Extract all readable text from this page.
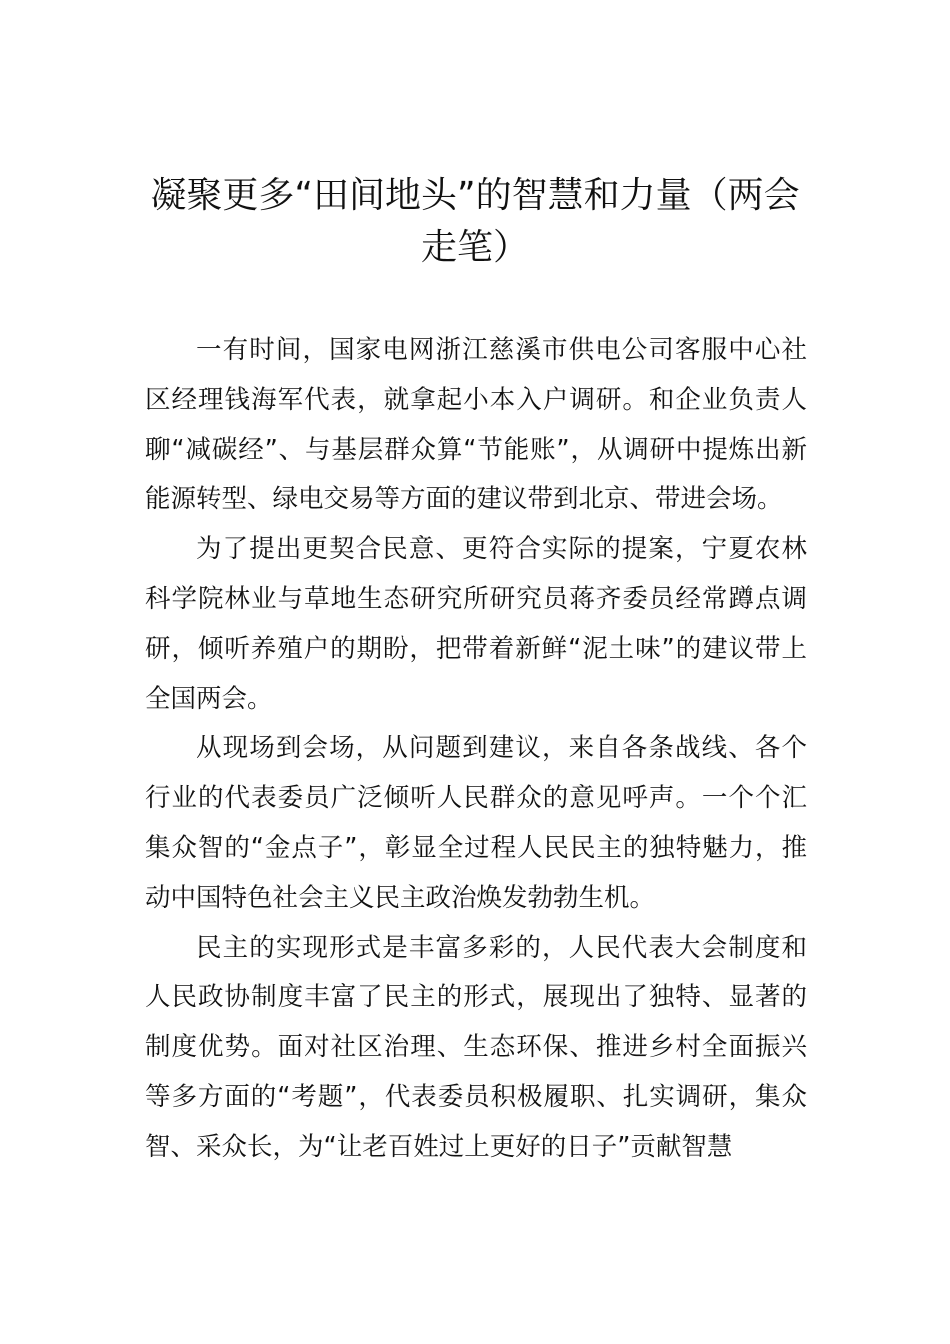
凝聚更多“田间地头”的智慧和力量（两会走笔）

一有时间，国家电网浙江慈溪市供电公司客服中心社区经理钱海军代表，就拿起小本入户调研。和企业负责人聊“减碳经”、与基层群众算“节能账”，从调研中提炼出新能源转型、绿电交易等方面的建议带到北京、带进会场。

为了提出更契合民意、更符合实际的提案，宁夏农林科学院林业与草地生态研究所研究员蒋齐委员经常蹲点调研，倾听养殖户的期盼，把带着新鲜“泥土味”的建议带上全国两会。

从现场到会场，从问题到建议，来自各条战线、各个行业的代表委员广泛倾听人民群众的意见呼声。一个个汇集众智的“金点子”，彰显全过程人民民主的独特魅力，推动中国特色社会主义民主政治焕发勃勃生机。

民主的实现形式是丰富多彩的，人民代表大会制度和人民政协制度丰富了民主的形式，展现出了独特、显著的制度优势。面对社区治理、生态环保、推进乡村全面振兴等多方面的“考题”，代表委员积极履职、扎实调研，集众智、采众长，为“让老百姓过上更好的日子”贡献智慧
